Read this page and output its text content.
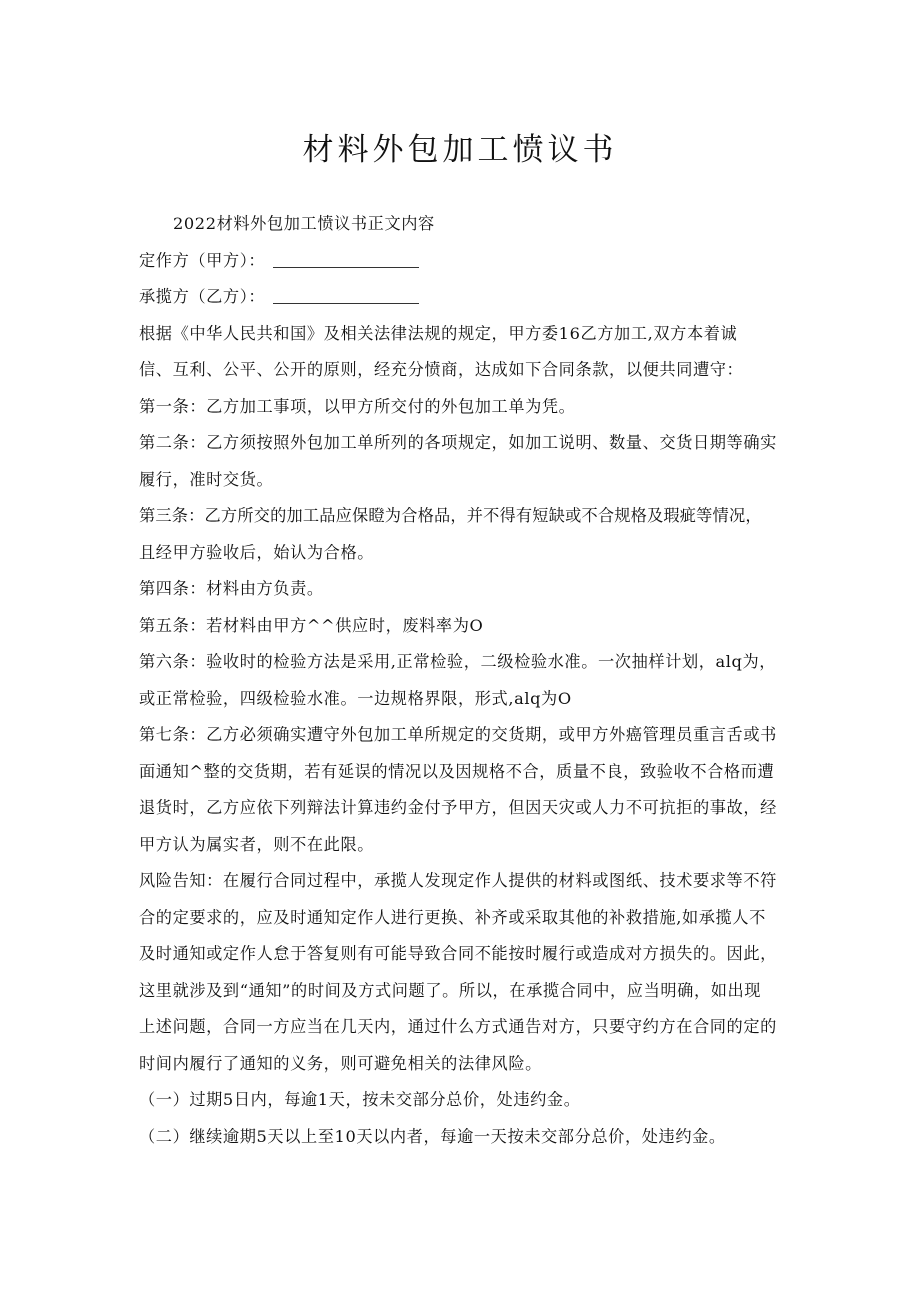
材料外包加工愤议书
2022材料外包加工愤议书正文内容
定作方（甲方）：
承揽方（乙方）：
根据《中华人民共和国》及相关法律法规的规定，甲方委16乙方加工,双方本着诚
信、互利、公平、公开的原则，经充分愤商，达成如下合同条款，以便共同遭守：
第一条：乙方加工事项，以甲方所交付的外包加工单为凭。
第二条：乙方须按照外包加工单所列的各项规定，如加工说明、数量、交货日期等确实
履行，准时交货。
第三条：乙方所交的加工品应保瞪为合格品，并不得有短缺或不合规格及瑕疵等情况，
且经甲方验收后，始认为合格。
第四条：材料由方负责。
第五条：若材料由甲方^^供应时，废料率为O
第六条：验收时的检验方法是采用,正常检验，二级检验水准。一次抽样计划，alq为，
或正常检验，四级检验水准。一边规格界限，形式,alq为O
第七条：乙方必须确实遭守外包加工单所规定的交货期，或甲方外癌管理员重言舌或书
面通知^整的交货期，若有延误的情况以及因规格不合，质量不良，致验收不合格而遭
退货时，乙方应依下列辩法计算违约金付予甲方，但因天灾或人力不可抗拒的事故，经
甲方认为属实者，则不在此限。
风险告知：在履行合同过程中，承揽人发现定作人提供的材料或图纸、技术要求等不符
合的定要求的，应及时通知定作人进行更换、补齐或采取其他的补救措施,如承揽人不
及时通知或定作人怠于答复则有可能导致合同不能按时履行或造成对方损失的。因此，
这里就涉及到“通知”的时间及方式问题了。所以，在承揽合同中，应当明确，如出现
上述问题，合同一方应当在几天内，通过什么方式通告对方，只要守约方在合同的定的
时间内履行了通知的义务，则可避免相关的法律风险。
（一）过期5日内，每逾1天，按未交部分总价，处违约金。
（二）继续逾期5天以上至10天以内者，每逾一天按未交部分总价，处违约金。
